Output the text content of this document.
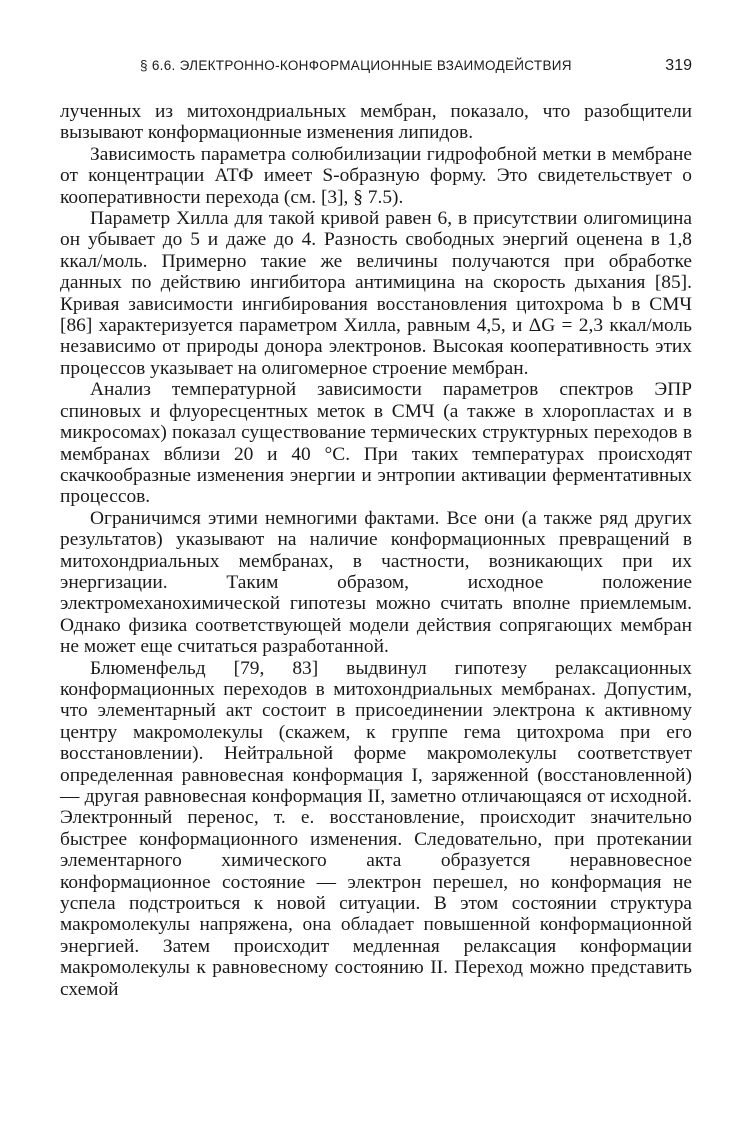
§ 6.6. ЭЛЕКТРОННО-КОНФОРМАЦИОННЫЕ ВЗАИМОДЕЙСТВИЯ	319

лученных из митохондриальных мембран, показало, что разобщители вызывают конформационные изменения липидов.

Зависимость параметра солюбилизации гидрофобной метки в мембране от концентрации АТФ имеет S-образную форму. Это свидетельствует о кооперативности перехода (см. [3], § 7.5).

Параметр Хилла для такой кривой равен 6, в присутствии олигомицина он убывает до 5 и даже до 4. Разность свободных энергий оценена в 1,8 ккал/моль. Примерно такие же величины получаются при обработке данных по действию ингибитора антимицина на скорость дыхания [85]. Кривая зависимости ингибирования восстановления цитохрома b в СМЧ [86] характеризуется параметром Хилла, равным 4,5, и ΔG = 2,3 ккал/моль независимо от природы донора электронов. Высокая кооперативность этих процессов указывает на олигомерное строение мембран.

Анализ температурной зависимости параметров спектров ЭПР спиновых и флуоресцентных меток в СМЧ (а также в хлоропластах и в микросомах) показал существование термических структурных переходов в мембранах вблизи 20 и 40 °С. При таких температурах происходят скачкообразные изменения энергии и энтропии активации ферментативных процессов.

Ограничимся этими немногими фактами. Все они (а также ряд других результатов) указывают на наличие конформационных превращений в митохондриальных мембранах, в частности, возникающих при их энергизации. Таким образом, исходное положение электромеханохимической гипотезы можно считать вполне приемлемым. Однако физика соответствующей модели действия сопрягающих мембран не может еще считаться разработанной.

Блюменфельд [79, 83] выдвинул гипотезу релаксационных конформационных переходов в митохондриальных мембранах. Допустим, что элементарный акт состоит в присоединении электрона к активному центру макромолекулы (скажем, к группе гема цитохрома при его восстановлении). Нейтральной форме макромолекулы соответствует определенная равновесная конформация I, заряженной (восстановленной) — другая равновесная конформация II, заметно отличающаяся от исходной. Электронный перенос, т. е. восстановление, происходит значительно быстрее конформационного изменения. Следовательно, при протекании элементарного химического акта образуется неравновесное конформационное состояние — электрон перешел, но конформация не успела подстроиться к новой ситуации. В этом состоянии структура макромолекулы напряжена, она обладает повышенной конформационной энергией. Затем происходит медленная релаксация конформации макромолекулы к равновесному состоянию II. Переход можно представить схемой
